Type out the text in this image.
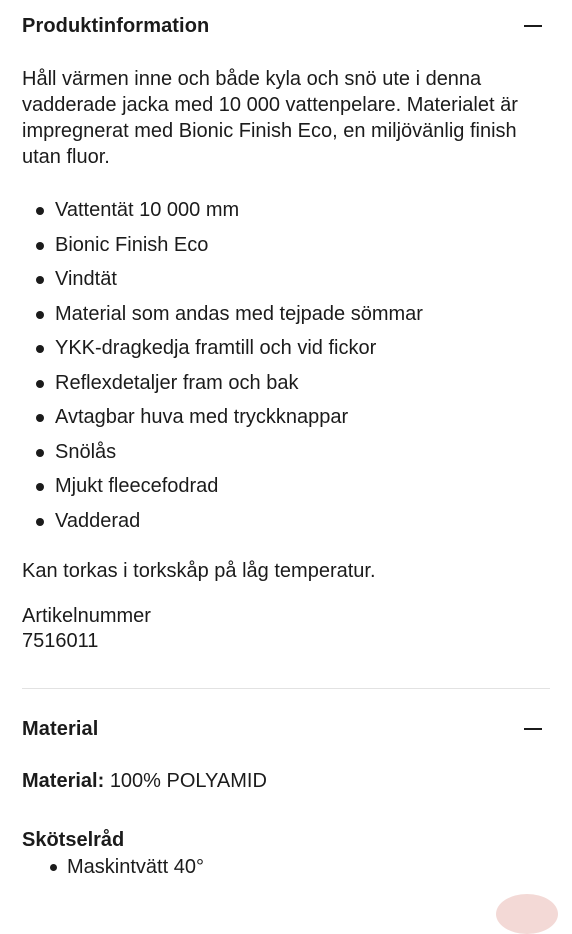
Produktinformation
Håll värmen inne och både kyla och snö ute i denna vadderade jacka med 10 000 vattenpelare. Materialet är impregnerat med Bionic Finish Eco, en miljövänlig finish utan fluor.
Vattentät 10 000 mm
Bionic Finish Eco
Vindtät
Material som andas med tejpade sömmar
YKK-dragkedja framtill och vid fickor
Reflexdetaljer fram och bak
Avtagbar huva med tryckknappar
Snölås
Mjukt fleecefodrad
Vadderad
Kan torkas i torkskåp på låg temperatur.
Artikelnummer
7516011
Material
Material: 100% POLYAMID
Skötselråd
Maskintvätt 40°
